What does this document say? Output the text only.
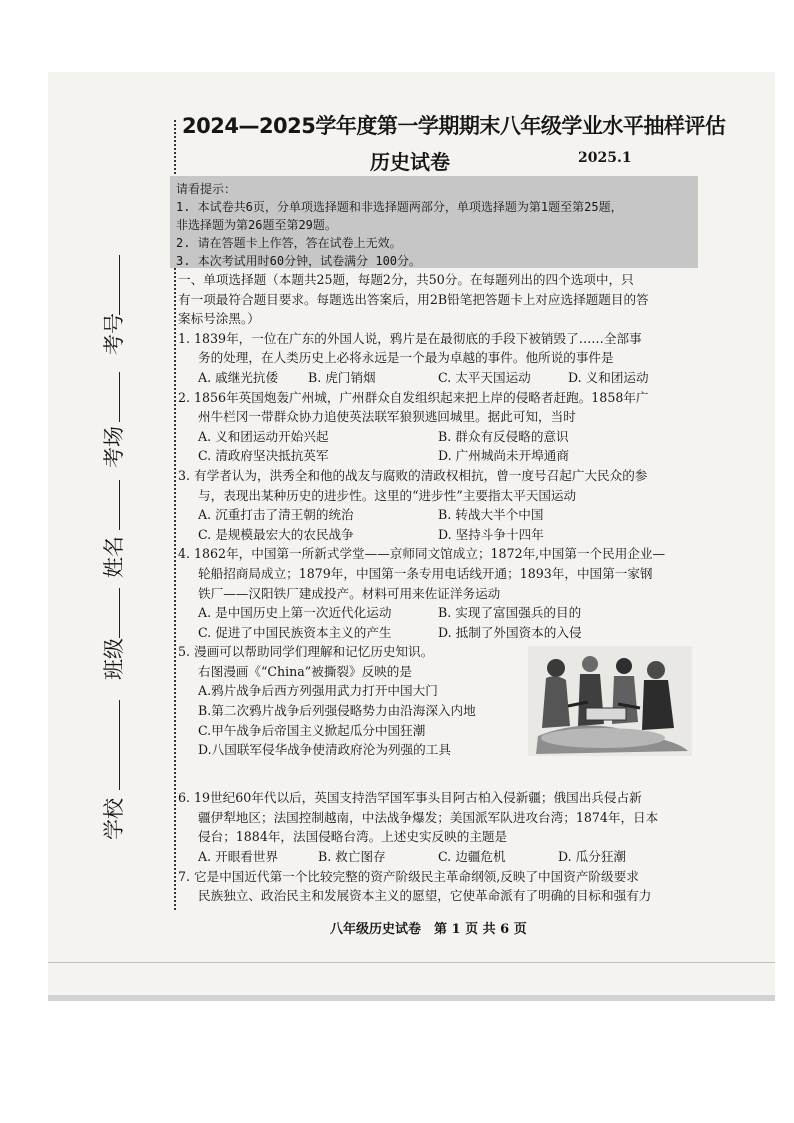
考号
考场
姓名
班级
学校
2024—2025学年度第一学期期末八年级学业水平抽样评估
历史试卷	2025.1
请看提示：
1. 本试卷共6页，分单项选择题和非选择题两部分，单项选择题为第1题至第25题，
非选择题为第26题至第29题。
2. 请在答题卡上作答，答在试卷上无效。
3. 本次考试用时60分钟，试卷满分 100分。

一、单项选择题（本题共25题，每题2分，共50分。在每题列出的四个选项中，只

有一项最符合题目要求。每题选出答案后，用2B铅笔把答题卡上对应选择题题目的答

案标号涂黑。）

1. 1839年，一位在广东的外国人说，鸦片是在最彻底的手段下被销毁了……全部事

务的处理，在人类历史上必将永远是一个最为卓越的事件。他所说的事件是

A. 戚继光抗倭	B. 虎门销烟	C. 太平天国运动	D. 义和团运动

2. 1856年英国炮轰广州城，广州群众自发组织起来把上岸的侵略者赶跑。1858年广

州牛栏冈一带群众协力追使英法联军狼狈逃回城里。据此可知，当时

A. 义和团运动开始兴起	B. 群众有反侵略的意识
C. 清政府坚决抵抗英军	D. 广州城尚未开埠通商

3. 有学者认为，洪秀全和他的战友与腐败的清政权相抗，曾一度号召起广大民众的参

与，表现出某种历史的进步性。这里的“进步性”主要指太平天国运动

A. 沉重打击了清王朝的统治	B. 转战大半个中国
C. 是规模最宏大的农民战争	D. 坚持斗争十四年

4. 1862年，中国第一所新式学堂——京师同文馆成立；1872年,中国第一个民用企业—

轮船招商局成立；1879年，中国第一条专用电话线开通；1893年，中国第一家钢

铁厂——汉阳铁厂建成投产。材料可用来佐证洋务运动

A. 是中国历史上第一次近代化运动	B. 实现了富国强兵的目的
C. 促进了中国民族资本主义的产生	D. 抵制了外国资本的入侵

5. 漫画可以帮助同学们理解和记忆历史知识。

右图漫画《“China”被撕裂》反映的是

A.鸦片战争后西方列强用武力打开中国大门

B.第二次鸦片战争后列强侵略势力由沿海深入内地

C.甲午战争后帝国主义掀起瓜分中国狂潮

D.八国联军侵华战争使清政府沦为列强的工具

6. 19世纪60年代以后，英国支持浩罕国军事头目阿古柏入侵新疆；俄国出兵侵占新

疆伊犁地区；法国控制越南，中法战争爆发；美国派军队进攻台湾；1874年，日本

侵台；1884年，法国侵略台湾。上述史实反映的主题是

A. 开眼看世界	B. 救亡图存	C. 边疆危机	D. 瓜分狂潮

7. 它是中国近代第一个比较完整的资产阶级民主革命纲领,反映了中国资产阶级要求

民族独立、政治民主和发展资本主义的愿望，它使革命派有了明确的目标和强有力

八年级历史试卷　第 1 页 共 6 页
